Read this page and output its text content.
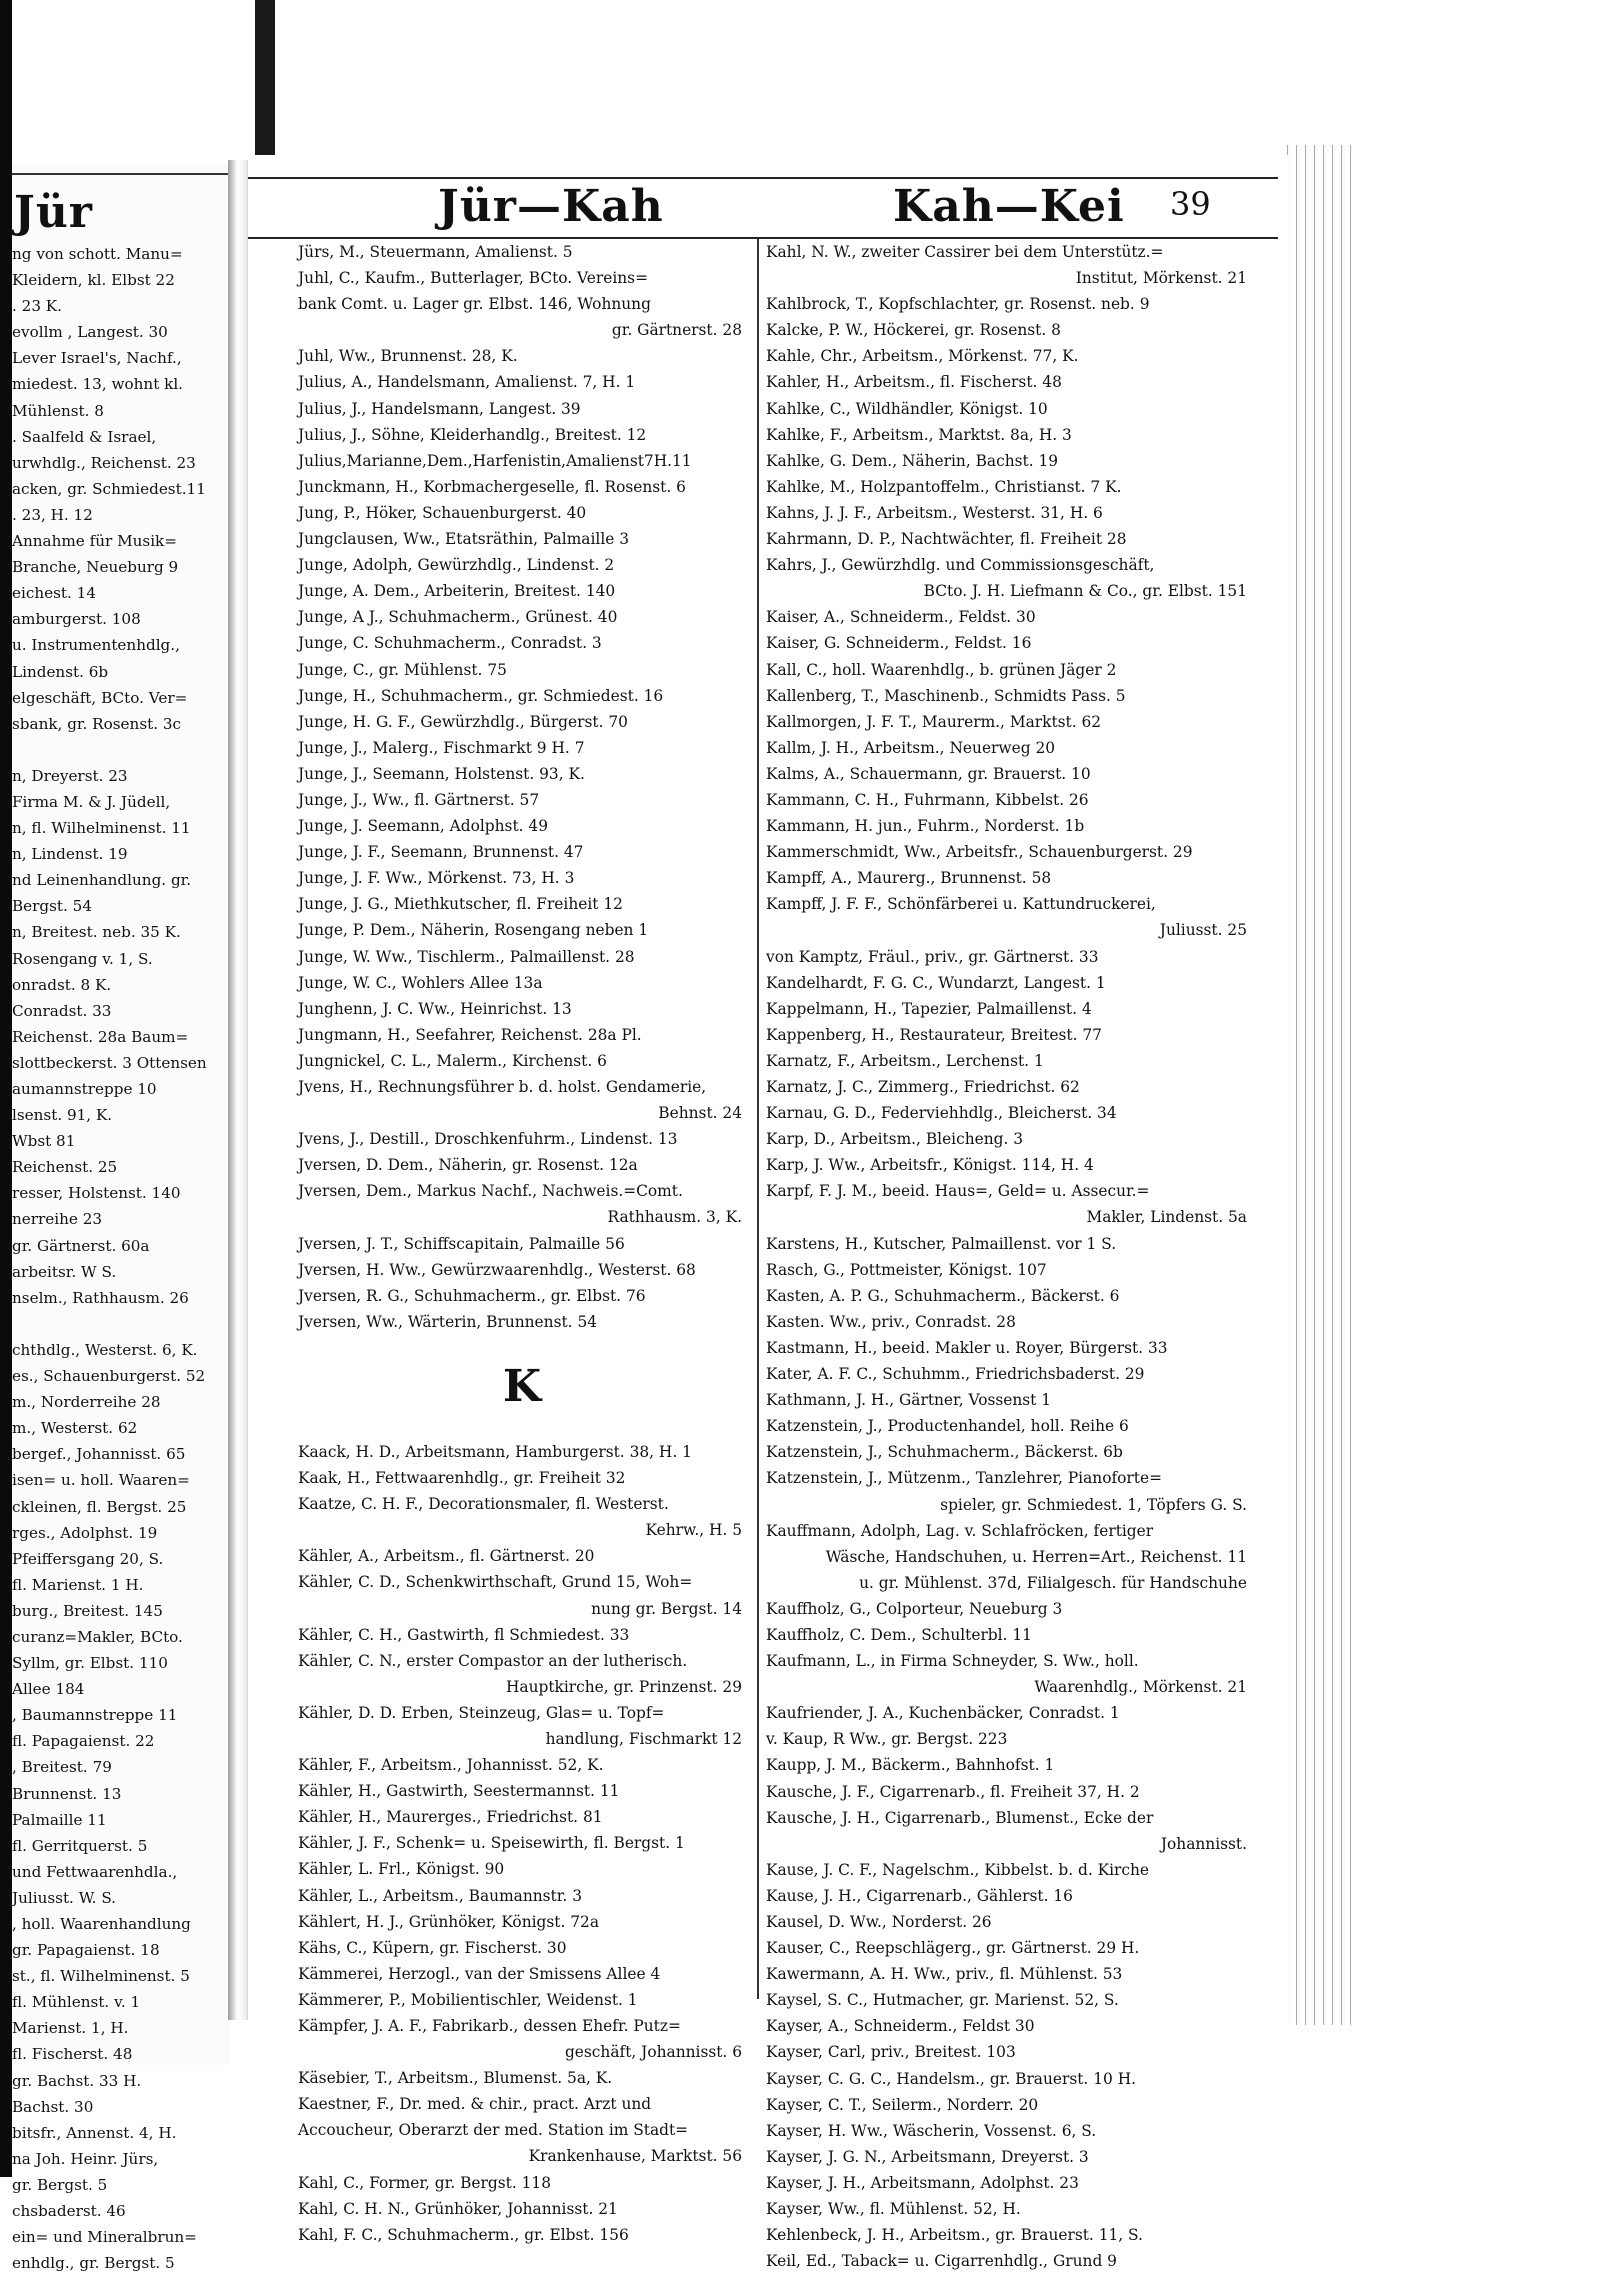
Jür
ng von schott. Manu=
Kleidern, kl. Elbst 22
. 23 K.
evollm , Langest. 30
Lever Israel's, Nachf.,
miedest. 13, wohnt kl.
Mühlenst. 8
. Saalfeld & Israel,
urwhdlg., Reichenst. 23
acken, gr. Schmiedest.11
. 23, H. 12
Annahme für Musik=
Branche, Neueburg 9
eichest. 14
amburgerst. 108
u. Instrumentenhdlg.,
Lindenst. 6b
elgeschäft, BCto. Ver=
sbank, gr. Rosenst. 3c
n, Dreyerst. 23
Firma M. & J. Jüdell,
n, fl. Wilhelminenst. 11
n, Lindenst. 19
nd Leinenhandlung. gr.
Bergst. 54
n, Breitest. neb. 35 K.
Rosengang v. 1, S.
onradst. 8 K.
Conradst. 33
Reichenst. 28a Baum=
slottbeckerst. 3 Ottensen
aumannstreppe 10
lsenst. 91, K.
Wbst 81
Reichenst. 25
resser, Holstenst. 140
nerreihe 23
gr. Gärtnerst. 60a
arbeitsr. W S.
nselm., Rathhausm. 26
chthdlg., Westerst. 6, K.
es., Schauenburgerst. 52
m., Norderreihe 28
m., Westerst. 62
bergef., Johannisst. 65
isen= u. holl. Waaren=
ckleinen, fl. Bergst. 25
rges., Adolphst. 19
Pfeiffersgang 20, S.
fl. Marienst. 1 H.
burg., Breitest. 145
curanz=Makler, BCto.
Syllm, gr. Elbst. 110
Allee 184
, Baumannstreppe 11
fl. Papagaienst. 22
, Breitest. 79
Brunnenst. 13
Palmaille 11
fl. Gerritquerst. 5
und Fettwaarenhdla.,
Juliusst. W. S.
, holl. Waarenhandlung
gr. Papagaienst. 18
st., fl. Wilhelminenst. 5
fl. Mühlenst. v. 1
Marienst. 1, H.
fl. Fischerst. 48
gr. Bachst. 33 H.
Bachst. 30
bitsfr., Annenst. 4, H.
na Joh. Heinr. Jürs,
gr. Bergst. 5
chsbaderst. 46
ein= und Mineralbrun=
enhdlg., gr. Bergst. 5
Jür—Kah	Kah—Kei 39
Jürs, M., Steuermann, Amalienst. 5
Juhl, C., Kaufm., Butterlager, BCto. Vereins=
bank Comt. u. Lager gr. Elbst. 146, Wohnung
gr. Gärtnerst. 28
Juhl, Ww., Brunnenst. 28, K.
Julius, A., Handelsmann, Amalienst. 7, H. 1
Julius, J., Handelsmann, Langest. 39
Julius, J., Söhne, Kleiderhandlg., Breitest. 12
Julius,Marianne,Dem.,Harfenistin,Amalienst7H.11
Junckmann, H., Korbmachergeselle, fl. Rosenst. 6
Jung, P., Höker, Schauenburgerst. 40
Jungclausen, Ww., Etatsräthin, Palmaille 3
Junge, Adolph, Gewürzhdlg., Lindenst. 2
Junge, A. Dem., Arbeiterin, Breitest. 140
Junge, A J., Schuhmacherm., Grünest. 40
Junge, C. Schuhmacherm., Conradst. 3
Junge, C., gr. Mühlenst. 75
Junge, H., Schuhmacherm., gr. Schmiedest. 16
Junge, H. G. F., Gewürzhdlg., Bürgerst. 70
Junge, J., Malerg., Fischmarkt 9 H. 7
Junge, J., Seemann, Holstenst. 93, K.
Junge, J., Ww., fl. Gärtnerst. 57
Junge, J. Seemann, Adolphst. 49
Junge, J. F., Seemann, Brunnenst. 47
Junge, J. F. Ww., Mörkenst. 73, H. 3
Junge, J. G., Miethkutscher, fl. Freiheit 12
Junge, P. Dem., Näherin, Rosengang neben 1
Junge, W. Ww., Tischlerm., Palmaillenst. 28
Junge, W. C., Wohlers Allee 13a
Junghenn, J. C. Ww., Heinrichst. 13
Jungmann, H., Seefahrer, Reichenst. 28a Pl.
Jungnickel, C. L., Malerm., Kirchenst. 6
Jvens, H., Rechnungsführer b. d. holst. Gendamerie,
Behnst. 24
Jvens, J., Destill., Droschkenfuhrm., Lindenst. 13
Jversen, D. Dem., Näherin, gr. Rosenst. 12a
Jversen, Dem., Markus Nachf., Nachweis.=Comt.
Rathhausm. 3, K.
Jversen, J. T., Schiffscapitain, Palmaille 56
Jversen, H. Ww., Gewürzwaarenhdlg., Westerst. 68
Jversen, R. G., Schuhmacherm., gr. Elbst. 76
Jversen, Ww., Wärterin, Brunnenst. 54
K
Kaack, H. D., Arbeitsmann, Hamburgerst. 38, H. 1
Kaak, H., Fettwaarenhdlg., gr. Freiheit 32
Kaatze, C. H. F., Decorationsmaler, fl. Westerst.
Kehrw., H. 5
Kähler, A., Arbeitsm., fl. Gärtnerst. 20
Kähler, C. D., Schenkwirthschaft, Grund 15, Woh=
nung gr. Bergst. 14
Kähler, C. H., Gastwirth, fl Schmiedest. 33
Kähler, C. N., erster Compastor an der lutherisch.
Hauptkirche, gr. Prinzenst. 29
Kähler, D. D. Erben, Steinzeug, Glas= u. Topf=
handlung, Fischmarkt 12
Kähler, F., Arbeitsm., Johannisst. 52, K.
Kähler, H., Gastwirth, Seestermannst. 11
Kähler, H., Maurerges., Friedrichst. 81
Kähler, J. F., Schenk= u. Speisewirth, fl. Bergst. 1
Kähler, L. Frl., Königst. 90
Kähler, L., Arbeitsm., Baumannstr. 3
Kählert, H. J., Grünhöker, Königst. 72a
Kähs, C., Küpern, gr. Fischerst. 30
Kämmerei, Herzogl., van der Smissens Allee 4
Kämmerer, P., Mobilientischler, Weidenst. 1
Kämpfer, J. A. F., Fabrikarb., dessen Ehefr. Putz=
geschäft, Johannisst. 6
Käsebier, T., Arbeitsm., Blumenst. 5a, K.
Kaestner, F., Dr. med. & chir., pract. Arzt und
Accoucheur, Oberarzt der med. Station im Stadt=
Krankenhause, Marktst. 56
Kahl, C., Former, gr. Bergst. 118
Kahl, C. H. N., Grünhöker, Johannisst. 21
Kahl, F. C., Schuhmacherm., gr. Elbst. 156
Kahl, N. W., zweiter Cassirer bei dem Unterstütz.=
Institut, Mörkenst. 21
Kahlbrock, T., Kopfschlachter, gr. Rosenst. neb. 9
Kalcke, P. W., Höckerei, gr. Rosenst. 8
Kahle, Chr., Arbeitsm., Mörkenst. 77, K.
Kahler, H., Arbeitsm., fl. Fischerst. 48
Kahlke, C., Wildhändler, Königst. 10
Kahlke, F., Arbeitsm., Marktst. 8a, H. 3
Kahlke, G. Dem., Näherin, Bachst. 19
Kahlke, M., Holzpantoffelm., Christianst. 7 K.
Kahns, J. J. F., Arbeitsm., Westerst. 31, H. 6
Kahrmann, D. P., Nachtwächter, fl. Freiheit 28
Kahrs, J., Gewürzhdlg. und Commissionsgeschäft,
BCto. J. H. Liefmann & Co., gr. Elbst. 151
Kaiser, A., Schneiderm., Feldst. 30
Kaiser, G. Schneiderm., Feldst. 16
Kall, C., holl. Waarenhdlg., b. grünen Jäger 2
Kallenberg, T., Maschinenb., Schmidts Pass. 5
Kallmorgen, J. F. T., Maurerm., Marktst. 62
Kallm, J. H., Arbeitsm., Neuerweg 20
Kalms, A., Schauermann, gr. Brauerst. 10
Kammann, C. H., Fuhrmann, Kibbelst. 26
Kammann, H. jun., Fuhrm., Norderst. 1b
Kammerschmidt, Ww., Arbeitsfr., Schauenburgerst. 29
Kampff, A., Maurerg., Brunnenst. 58
Kampff, J. F. F., Schönfärberei u. Kattundruckerei,
Juliusst. 25
von Kamptz, Fräul., priv., gr. Gärtnerst. 33
Kandelhardt, F. G. C., Wundarzt, Langest. 1
Kappelmann, H., Tapezier, Palmaillenst. 4
Kappenberg, H., Restaurateur, Breitest. 77
Karnatz, F., Arbeitsm., Lerchenst. 1
Karnatz, J. C., Zimmerg., Friedrichst. 62
Karnau, G. D., Federviehhdlg., Bleicherst. 34
Karp, D., Arbeitsm., Bleicheng. 3
Karp, J. Ww., Arbeitsfr., Königst. 114, H. 4
Karpf, F. J. M., beeid. Haus=, Geld= u. Assecur.=
Makler, Lindenst. 5a
Karstens, H., Kutscher, Palmaillenst. vor 1 S.
Rasch, G., Pottmeister, Königst. 107
Kasten, A. P. G., Schuhmacherm., Bäckerst. 6
Kasten. Ww., priv., Conradst. 28
Kastmann, H., beeid. Makler u. Royer, Bürgerst. 33
Kater, A. F. C., Schuhmm., Friedrichsbaderst. 29
Kathmann, J. H., Gärtner, Vossenst 1
Katzenstein, J., Productenhandel, holl. Reihe 6
Katzenstein, J., Schuhmacherm., Bäckerst. 6b
Katzenstein, J., Mützenm., Tanzlehrer, Pianoforte=
spieler, gr. Schmiedest. 1, Töpfers G. S.
Kauffmann, Adolph, Lag. v. Schlafröcken, fertiger
Wäsche, Handschuhen, u. Herren=Art., Reichenst. 11
u. gr. Mühlenst. 37d, Filialgesch. für Handschuhe
Kauffholz, G., Colporteur, Neueburg 3
Kauffholz, C. Dem., Schulterbl. 11
Kaufmann, L., in Firma Schneyder, S. Ww., holl.
Waarenhdlg., Mörkenst. 21
Kaufriender, J. A., Kuchenbäcker, Conradst. 1
v. Kaup, R Ww., gr. Bergst. 223
Kaupp, J. M., Bäckerm., Bahnhofst. 1
Kausche, J. F., Cigarrenarb., fl. Freiheit 37, H. 2
Kausche, J. H., Cigarrenarb., Blumenst., Ecke der
Johannisst.
Kause, J. C. F., Nagelschm., Kibbelst. b. d. Kirche
Kause, J. H., Cigarrenarb., Gählerst. 16
Kausel, D. Ww., Norderst. 26
Kauser, C., Reepschlägerg., gr. Gärtnerst. 29 H.
Kawermann, A. H. Ww., priv., fl. Mühlenst. 53
Kaysel, S. C., Hutmacher, gr. Marienst. 52, S.
Kayser, A., Schneiderm., Feldst 30
Kayser, Carl, priv., Breitest. 103
Kayser, C. G. C., Handelsm., gr. Brauerst. 10 H.
Kayser, C. T., Seilerm., Norderr. 20
Kayser, H. Ww., Wäscherin, Vossenst. 6, S.
Kayser, J. G. N., Arbeitsmann, Dreyerst. 3
Kayser, J. H., Arbeitsmann, Adolphst. 23
Kayser, Ww., fl. Mühlenst. 52, H.
Kehlenbeck, J. H., Arbeitsm., gr. Brauerst. 11, S.
Keil, Ed., Taback= u. Cigarrenhdlg., Grund 9
